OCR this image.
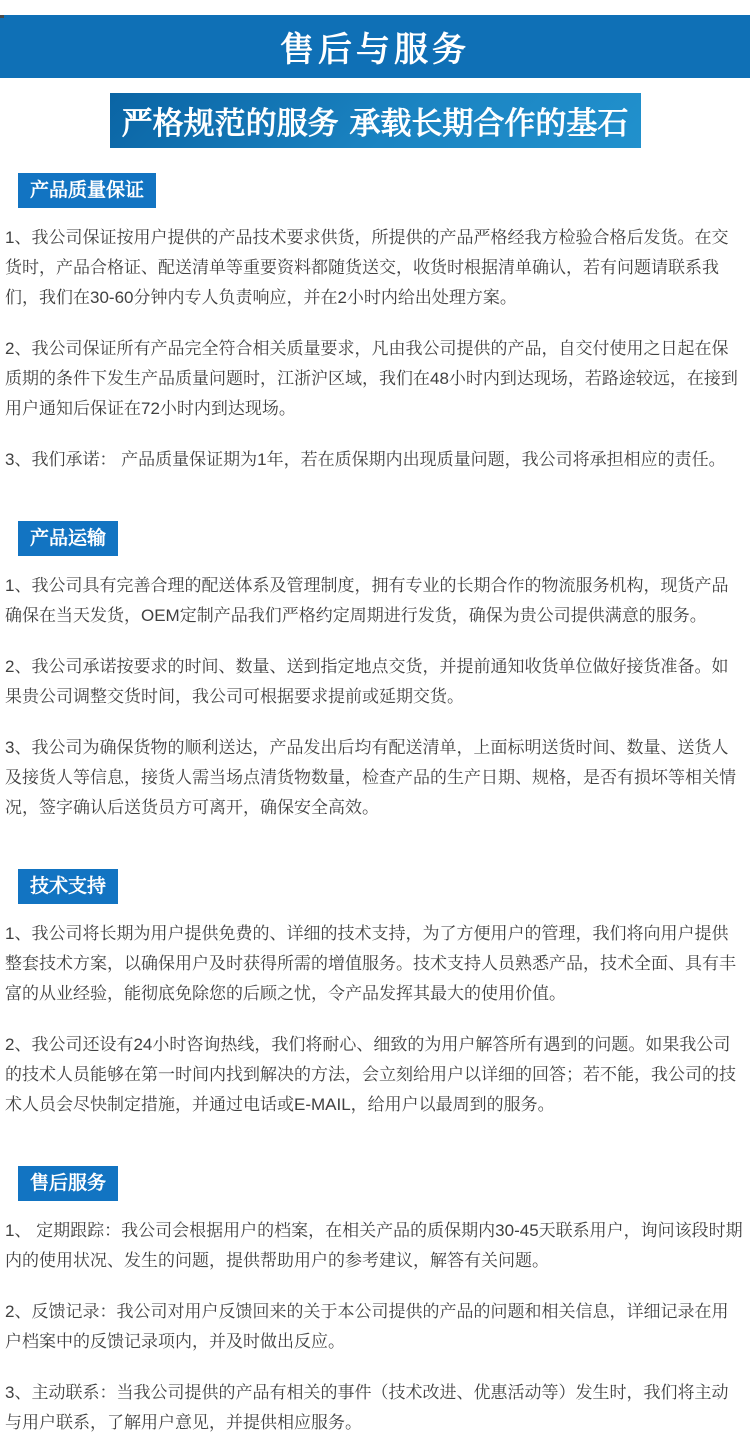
售后与服务
严格规范的服务 承载长期合作的基石
产品质量保证

1、我公司保证按用户提供的产品技术要求供货，所提供的产品严格经我方检验合格后发货。在交货时，产品合格证、配送清单等重要资料都随货送交，收货时根据清单确认，若有问题请联系我们，我们在30-60分钟内专人负责响应，并在2小时内给出处理方案。

2、我公司保证所有产品完全符合相关质量要求，凡由我公司提供的产品，自交付使用之日起在保质期的条件下发生产品质量问题时，江浙沪区域，我们在48小时内到达现场，若路途较远，在接到用户通知后保证在72小时内到达现场。

3、我们承诺： 产品质量保证期为1年，若在质保期内出现质量问题，我公司将承担相应的责任。

产品运输

1、我公司具有完善合理的配送体系及管理制度，拥有专业的长期合作的物流服务机构，现货产品确保在当天发货，OEM定制产品我们严格约定周期进行发货，确保为贵公司提供满意的服务。

2、我公司承诺按要求的时间、数量、送到指定地点交货，并提前通知收货单位做好接货准备。如果贵公司调整交货时间，我公司可根据要求提前或延期交货。

3、我公司为确保货物的顺利送达，产品发出后均有配送清单，上面标明送货时间、数量、送货人及接货人等信息，接货人需当场点清货物数量，检查产品的生产日期、规格，是否有损坏等相关情况，签字确认后送货员方可离开，确保安全高效。

技术支持

1、我公司将长期为用户提供免费的、详细的技术支持，为了方便用户的管理，我们将向用户提供整套技术方案，以确保用户及时获得所需的增值服务。技术支持人员熟悉产品，技术全面、具有丰富的从业经验，能彻底免除您的后顾之忧，令产品发挥其最大的使用价值。

2、我公司还设有24小时咨询热线，我们将耐心、细致的为用户解答所有遇到的问题。如果我公司的技术人员能够在第一时间内找到解决的方法，会立刻给用户以详细的回答；若不能，我公司的技术人员会尽快制定措施，并通过电话或E-MAIL，给用户以最周到的服务。

售后服务

1、 定期跟踪：我公司会根据用户的档案，在相关产品的质保期内30-45天联系用户，询问该段时期内的使用状况、发生的问题，提供帮助用户的参考建议，解答有关问题。

2、反馈记录：我公司对用户反馈回来的关于本公司提供的产品的问题和相关信息，详细记录在用户档案中的反馈记录项内，并及时做出反应。

3、主动联系：当我公司提供的产品有相关的事件（技术改进、优惠活动等）发生时，我们将主动与用户联系，了解用户意见，并提供相应服务。
